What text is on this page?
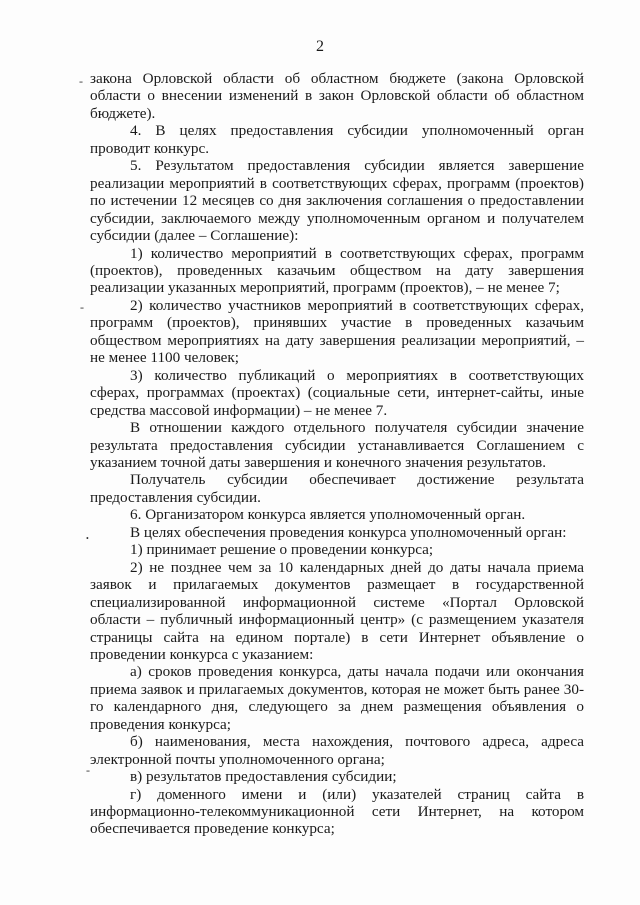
2
-
-
•
-

закона Орловской области об областном бюджете (закона Орловской области о внесении изменений в закон Орловской области об областном бюджете).

4. В целях предоставления субсидии уполномоченный орган проводит конкурс.

5. Результатом предоставления субсидии является завершение реализации мероприятий в соответствующих сферах, программ (проектов) по истечении 12 месяцев со дня заключения соглашения о предоставлении субсидии, заключаемого между уполномоченным органом и получателем субсидии (далее – Соглашение):

1) количество мероприятий в соответствующих сферах, программ (проектов), проведенных казачьим обществом на дату завершения реализации указанных мероприятий, программ (проектов), – не менее 7;

2) количество участников мероприятий в соответствующих сферах, программ (проектов), принявших участие в проведенных казачьим обществом мероприятиях на дату завершения реализации мероприятий, – не менее 1100 человек;

3) количество публикаций о мероприятиях в соответствующих сферах, программах (проектах) (социальные сети, интернет-сайты, иные средства массовой информации) – не менее 7.

В отношении каждого отдельного получателя субсидии значение результата предоставления субсидии устанавливается Соглашением с указанием точной даты завершения и конечного значения результатов.

Получатель субсидии обеспечивает достижение результата предоставления субсидии.

6. Организатором конкурса является уполномоченный орган.

В целях обеспечения проведения конкурса уполномоченный орган:

1) принимает решение о проведении конкурса;

2) не позднее чем за 10 календарных дней до даты начала приема заявок и прилагаемых документов размещает в государственной специализированной информационной системе «Портал Орловской области – публичный информационный центр» (с размещением указателя страницы сайта на едином портале) в сети Интернет объявление о проведении конкурса с указанием:

а) сроков проведения конкурса, даты начала подачи или окончания приема заявок и прилагаемых документов, которая не может быть ранее 30-го календарного дня, следующего за днем размещения объявления о проведения конкурса;

б) наименования, места нахождения, почтового адреса, адреса электронной почты уполномоченного органа;

в) результатов предоставления субсидии;

г) доменного имени и (или) указателей страниц сайта в информационно-телекоммуникационной сети Интернет, на котором обеспечивается проведение конкурса;
